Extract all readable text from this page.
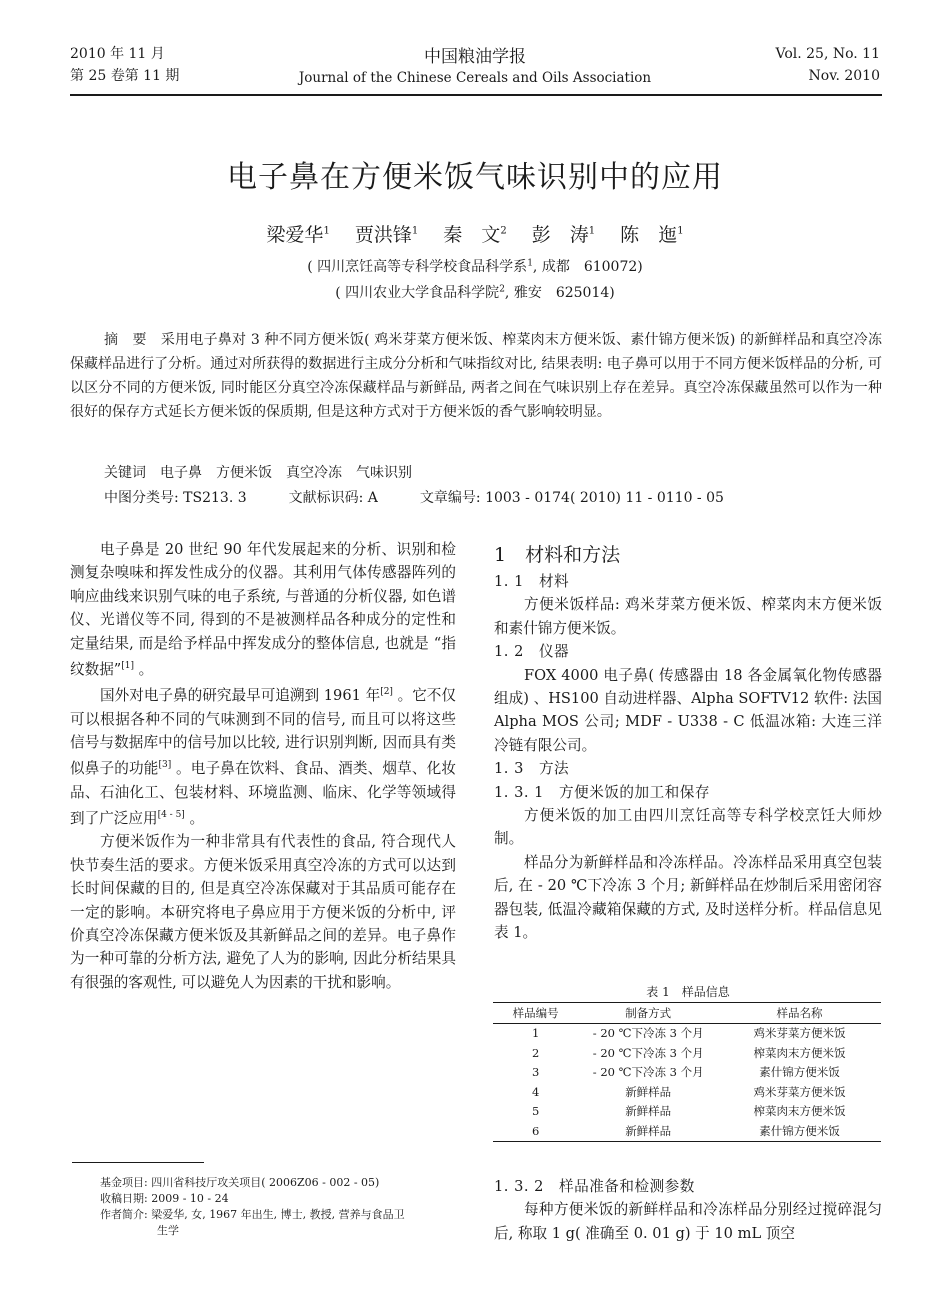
2010 年 11 月
第 25 卷第 11 期
中国粮油学报
Journal of the Chinese Cereals and Oils Association
Vol. 25, No. 11
Nov. 2010
电子鼻在方便米饭气味识别中的应用
梁爱华$^1$  贾洪锋$^1$  秦　文$^2$  彭　涛$^1$  陈　迤$^1$
( 四川烹饪高等专科学校食品科学系$^1$, 成都　610072)
( 四川农业大学食品科学院$^2$, 雅安　625014)

摘　要　采用电子鼻对 3 种不同方便米饭( 鸡米芽菜方便米饭、榨菜肉末方便米饭、素什锦方便米饭) 的新鲜样品和真空冷冻保藏样品进行了分析。通过对所获得的数据进行主成分分析和气味指纹对比, 结果表明: 电子鼻可以用于不同方便米饭样品的分析, 可以区分不同的方便米饭, 同时能区分真空冷冻保藏样品与新鲜品, 两者之间在气味识别上存在差异。真空冷冻保藏虽然可以作为一种很好的保存方式延长方便米饭的保质期, 但是这种方式对于方便米饭的香气影响较明显。

关键词　电子鼻　方便米饭　真空冷冻　气味识别
中图分类号: TS213. 3　　　文献标识码: A　　　文章编号: 1003 - 0174( 2010) 11 - 0110 - 05

电子鼻是 20 世纪 90 年代发展起来的分析、识别和检测复杂嗅味和挥发性成分的仪器。其利用气体传感器阵列的响应曲线来识别气味的电子系统, 与普通的分析仪器, 如色谱仪、光谱仪等不同, 得到的不是被测样品各种成分的定性和定量结果, 而是给予样品中挥发成分的整体信息, 也就是 “指纹数据”[1] 。

国外对电子鼻的研究最早可追溯到 1961 年[2] 。它不仅可以根据各种不同的气味测到不同的信号, 而且可以将这些信号与数据库中的信号加以比较, 进行识别判断, 因而具有类似鼻子的功能[3] 。电子鼻在饮料、食品、酒类、烟草、化妆品、石油化工、包装材料、环境监测、临床、化学等领域得到了广泛应用[4 - 5] 。

方便米饭作为一种非常具有代表性的食品, 符合现代人快节奏生活的要求。方便米饭采用真空冷冻的方式可以达到长时间保藏的目的, 但是真空冷冻保藏对于其品质可能存在一定的影响。本研究将电子鼻应用于方便米饭的分析中, 评价真空冷冻保藏方便米饭及其新鲜品之间的差异。电子鼻作为一种可靠的分析方法, 避免了人为的影响, 因此分析结果具有很强的客观性, 可以避免人为因素的干扰和影响。

1　材料和方法

1. 1　材料

方便米饭样品: 鸡米芽菜方便米饭、榨菜肉末方便米饭和素什锦方便米饭。

1. 2　仪器

FOX 4000 电子鼻( 传感器由 18 各金属氧化物传感器组成) 、HS100 自动进样器、Alpha SOFTV12 软件: 法国 Alpha MOS 公司; MDF - U338 - C 低温冰箱: 大连三洋冷链有限公司。

1. 3　方法

1. 3. 1　方便米饭的加工和保存

方便米饭的加工由四川烹饪高等专科学校烹饪大师炒制。

样品分为新鲜样品和冷冻样品。冷冻样品采用真空包装后, 在 - 20 ℃下冷冻 3 个月; 新鲜样品在炒制后采用密闭容器包装, 低温冷藏箱保藏的方式, 及时送样分析。样品信息见表 1。

表 1　样品信息
样品编号	制备方式	样品名称
1	- 20 ℃下冷冻 3 个月	鸡米芽菜方便米饭
2	- 20 ℃下冷冻 3 个月	榨菜肉末方便米饭
3	- 20 ℃下冷冻 3 个月	素什锦方便米饭
4	新鲜样品	鸡米芽菜方便米饭
5	新鲜样品	榨菜肉末方便米饭
6	新鲜样品	素什锦方便米饭

1. 3. 2　样品准备和检测参数

每种方便米饭的新鲜样品和冷冻样品分别经过搅碎混匀后, 称取 1 g( 准确至 0. 01 g) 于 10 mL 顶空

基金项目: 四川省科技厅攻关项目( 2006Z06 - 002 - 05)
收稿日期: 2009 - 10 - 24
作者简介: 梁爱华, 女, 1967 年出生, 博士, 教授, 营养与食品卫
生学
